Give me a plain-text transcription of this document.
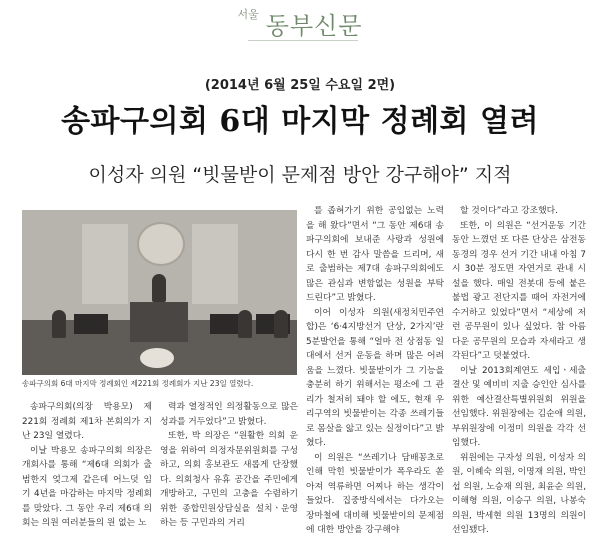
$^{서울}$ 동부신문
(2014년 6월 25일 수요일 2면)
송파구의회 6대 마지막 정례회 열려
이성자 의원 “빗물받이 문제점 방안 강구해야” 지적
송파구의회 6대 마지막 정례회인 제221회 정례회가 지난 23일 열렸다.

송파구의회(의장 박용모) 제221회 정례회 제1차 본회의가 지난 23일 열렸다.

이날 박용모 송파구의회 의장은 개회사를 통해 “제6대 의회가 출범한지 엊그제 같은데 어느덧 임기 4년을 마감하는 마지막 정례회를 맞았다. 그 동안 우리 제6대 의회는 의원 여러분들의 원 없는 노

력과 열정적인 의정활동으로 많은 성과를 거두었다”고 밝혔다.

또한, 박 의장은 “원활한 의회 운영을 위하여 의정자문위원회를 구성하고, 의회 홍보관도 새롭게 단장했다. 의회청사 유휴 공간을 주민에게 개방하고, 구민의 고충을 수렴하기 위한 종합민원상담실을 설치ㆍ운영하는 등 구민과의 거리

를 좁혀가기 위한 공입없는 노력을 해 왔다”면서 “그 동안 제6대 송파구의회에 보내준 사랑과 성원에 다시 한 번 감사 말씀을 드리며, 새로 출범하는 제7대 송파구의회에도 많은 관심과 변함없는 성원을 부탁드린다”고 밝혔다.

이어 이성자 의원(새정치민주연합)은 ‘6·4지방선거 단상, 2가지’란 5분발언을 통해 “얼마 전 상점동 일대에서 선거 운동을 하며 많은 어려움을 느꼈다. 빗물받이가 그 기능을 충분히 하기 위해서는 평소에 그 관리가 철저히 돼야 할 에도, 현재 우리구역의 빗물받이는 각종 쓰레기들로 몸살을 앓고 있는 실정이다”고 밝혔다.

이 의원은 “쓰레기나 담배꽁초로 인해 막힌 빗물받이가 폭우라도 쏟아져 역류하면 어찌나 하는 생각이 들었다. 집중방식에서는 다가오는 장마철에 대비해 빗물받이의 문제점에 대한 방안을 강구해야

할 것이다”라고 강조했다.

또한, 이 의원은 “선거운동 기간동안 느꼈던 또 다른 단상은 삼전동 동경의 경우 선거 기간 내내 아침 7시 30분 정도면 자연거로 관내 시설을 했다. 매일 전봇대 등에 붙은 불법 광고 전단지를 때어 자전거에 수거하고 있었다”면서 “세상에 저런 공무원이 있나 싶었다. 참 아름다운 공무원의 모습과 자세라고 생각된다”고 덧붙였다.

이날 2013회계연도 세입ㆍ세출 결산 및 예비비 지출 승인안 심사를 위한 예산결산특별위원회 위원을 선임했다. 위원장에는 김순애 의원, 부위원장에 이정미 의원을 각각 선임했다.

위원에는 구자성 의원, 이성자 의원, 이혜숙 의원, 이명재 의원, 박인섭 의원, 노승재 의원, 최윤순 의원, 이해형 의원, 이승구 의원, 나봉숙 의원, 박세현 의원 13명의 의원이 선임됐다.
